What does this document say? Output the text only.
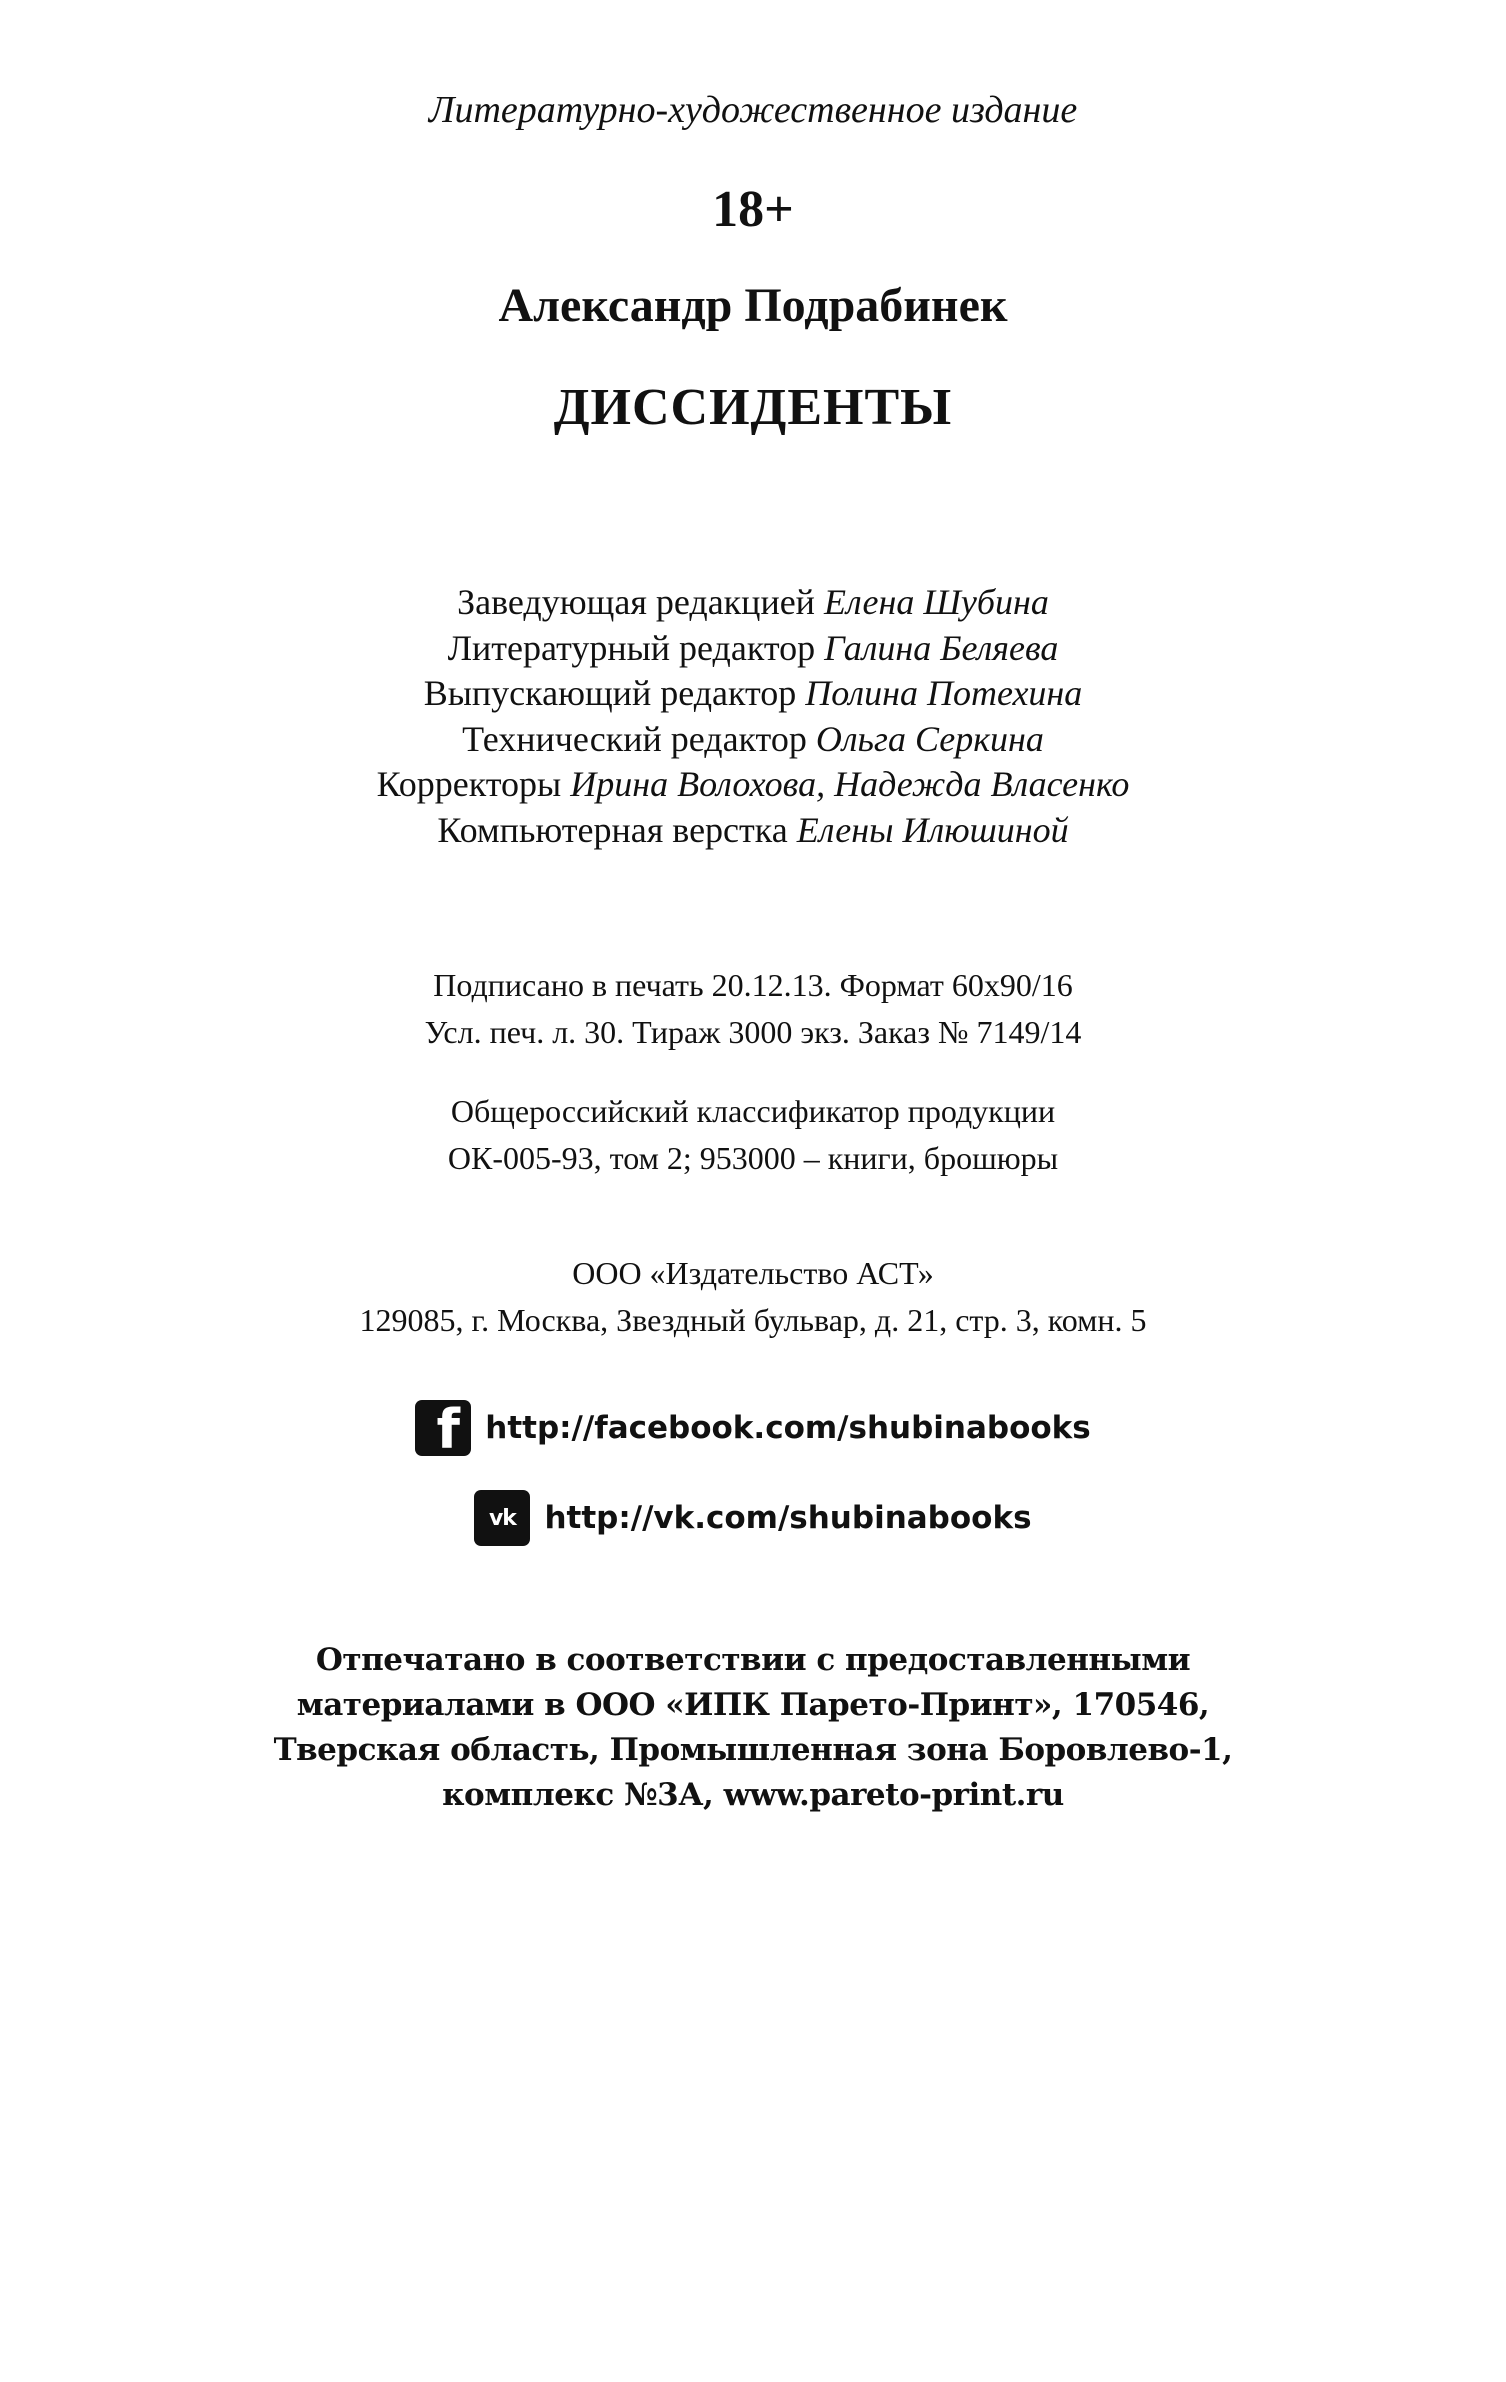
Литературно-художественное издание
18+
Александр Подрабинек
ДИССИДЕНТЫ
Заведующая редакцией Елена Шубина
Литературный редактор Галина Беляева
Выпускающий редактор Полина Потехина
Технический редактор Ольга Серкина
Корректоры Ирина Волохова, Надежда Власенко
Компьютерная верстка Елены Илюшиной
Подписано в печать 20.12.13. Формат 60х90/16
Усл. печ. л. 30. Тираж 3000 экз. Заказ № 7149/14
Общероссийский классификатор продукции
ОК-005-93, том 2; 953000 – книги, брошюры
ООО «Издательство АСТ»
129085, г. Москва, Звездный бульвар, д. 21, стр. 3, комн. 5
f http://facebook.com/shubinabooks
vk http://vk.com/shubinabooks
Отпечатано в соответствии с предоставленными
материалами в ООО «ИПК Парето-Принт», 170546,
Тверская область, Промышленная зона Боровлево-1,
комплекс №3А, www.pareto-print.ru
